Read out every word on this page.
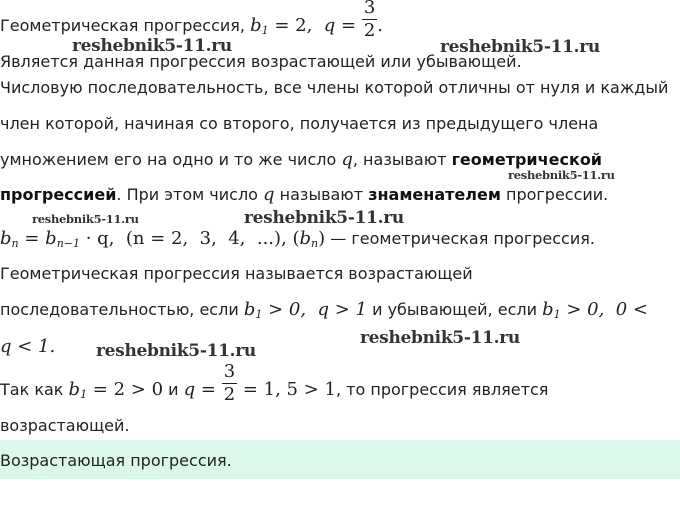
Геометрическая прогрессия, $b_1 = 2$,  $q = \frac{3}{2}$ .
Является данная прогрессия возрастающей или убывающей.
Числовую последовательность, все члены которой отличны от нуля и каждый
член которой, начиная со второго, получается из предыдущего члена
умножением его на одно и то же число q, называют геометрической
прогрессией. При этом число q называют знаменателем прогрессии.
$b_n = b_{n-1} \cdot q$,  (n = 2,  3,  4,  ...), $(b_n)$ — геометрическая прогрессия.
Геометрическая прогрессия называется возрастающей
последовательностью, если $b_1 > 0$,  q > 1 и убывающей, если $b_1 > 0$,  0 <
q < 1.
Так как $b_1 = 2 > 0$ и $q = \frac{3}{2} = 1$, 5 > 1, то прогрессия является
возрастающей.
Возрастающая прогрессия.
reshebnik5-11.ru	reshebnik5-11.ru
reshebnik5-11.ru
reshebnik5-11.ru	reshebnik5-11.ru
reshebnik5-11.ru
reshebnik5-11.ru
